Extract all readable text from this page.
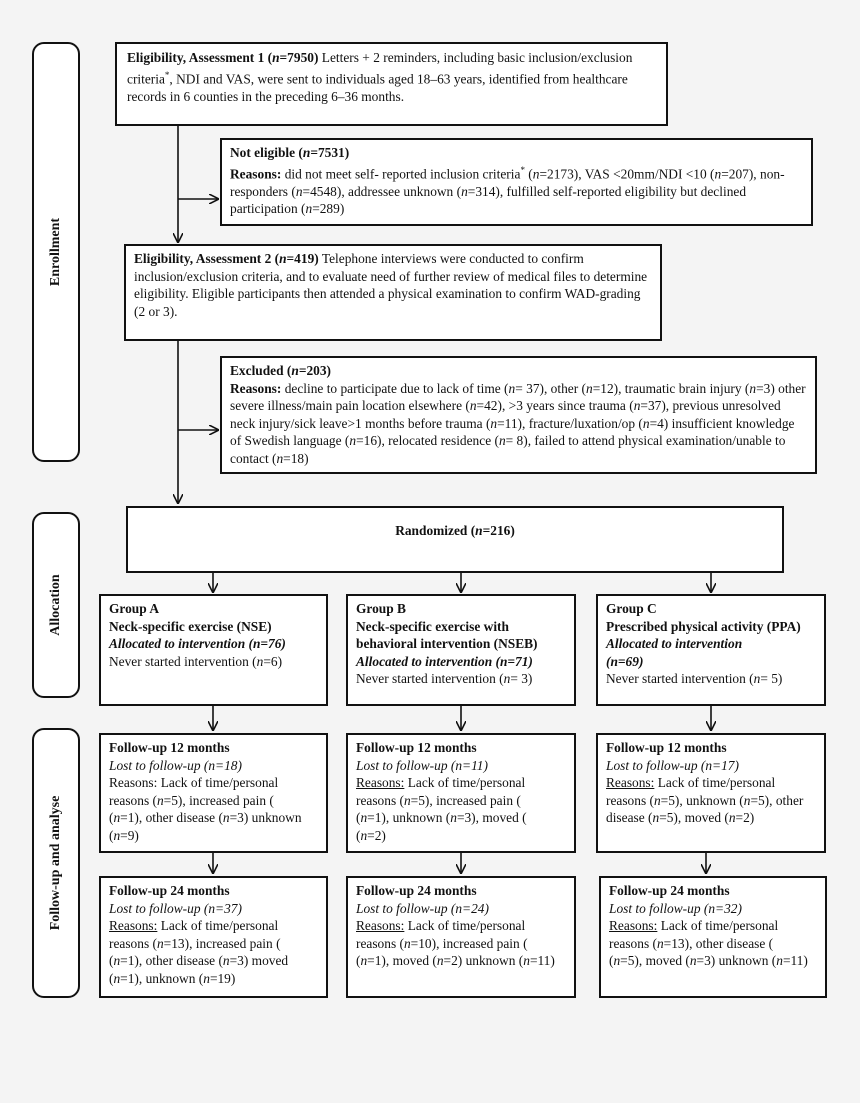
Enrollment
Allocation
Follow-up and analyse
Eligibility, Assessment 1 (n=7950) Letters + 2 reminders, including basic inclusion/exclusion criteria*, NDI and VAS, were sent to individuals aged 18–63 years, identified from healthcare records in 6 counties in the preceding 6–36 months.
Not eligible (n=7531)
Reasons: did not meet self- reported inclusion criteria* (n=2173), VAS <20mm/NDI <10 (n=207), non-responders (n=4548), addressee unknown (n=314), fulfilled self-reported eligibility but declined participation (n=289)
Eligibility, Assessment 2 (n=419) Telephone interviews were conducted to confirm inclusion/exclusion criteria, and to evaluate need of further review of medical files to determine eligibility. Eligible participants then attended a physical examination to confirm WAD-grading (2 or 3).
Excluded (n=203)
Reasons: decline to participate due to lack of time (n= 37), other (n=12), traumatic brain injury (n=3) other severe illness/main pain location elsewhere (n=42), >3 years since trauma (n=37), previous unresolved neck injury/sick leave>1 months before trauma (n=11), fracture/luxation/op (n=4) insufficient knowledge of Swedish language (n=16), relocated residence (n= 8), failed to attend physical examination/unable to contact (n=18)
Randomized (n=216)
Group A
Neck-specific exercise (NSE)
Allocated to intervention (n=76)
Never started intervention (n=6)
Group B
Neck-specific exercise with behavioral intervention (NSEB)
Allocated to intervention (n=71)
Never started intervention (n= 3)
Group C
Prescribed physical activity (PPA) Allocated to intervention
(n=69)
Never started intervention (n= 5)
Follow-up 12 months
Lost to follow-up (n=18)
Reasons: Lack of time/personal reasons (n=5), increased pain (
(n=1), other disease (n=3) unknown (n=9)
Follow-up 12 months
Lost to follow-up (n=11)
Reasons: Lack of time/personal reasons (n=5), increased pain (
(n=1), unknown (n=3), moved (
(n=2)
Follow-up 12 months
Lost to follow-up (n=17)
Reasons: Lack of time/personal reasons (n=5), unknown (n=5), other disease (n=5), moved (n=2)
Follow-up 24 months
Lost to follow-up (n=37)
Reasons: Lack of time/personal reasons (n=13), increased pain (
(n=1), other disease (n=3) moved (n=1), unknown (n=19)
Follow-up 24 months
Lost to follow-up (n=24)
Reasons: Lack of time/personal reasons (n=10), increased pain (
(n=1), moved (n=2) unknown (n=11)
Follow-up 24 months
Lost to follow-up (n=32)
Reasons: Lack of time/personal reasons (n=13), other disease (
(n=5), moved (n=3) unknown (n=11)
